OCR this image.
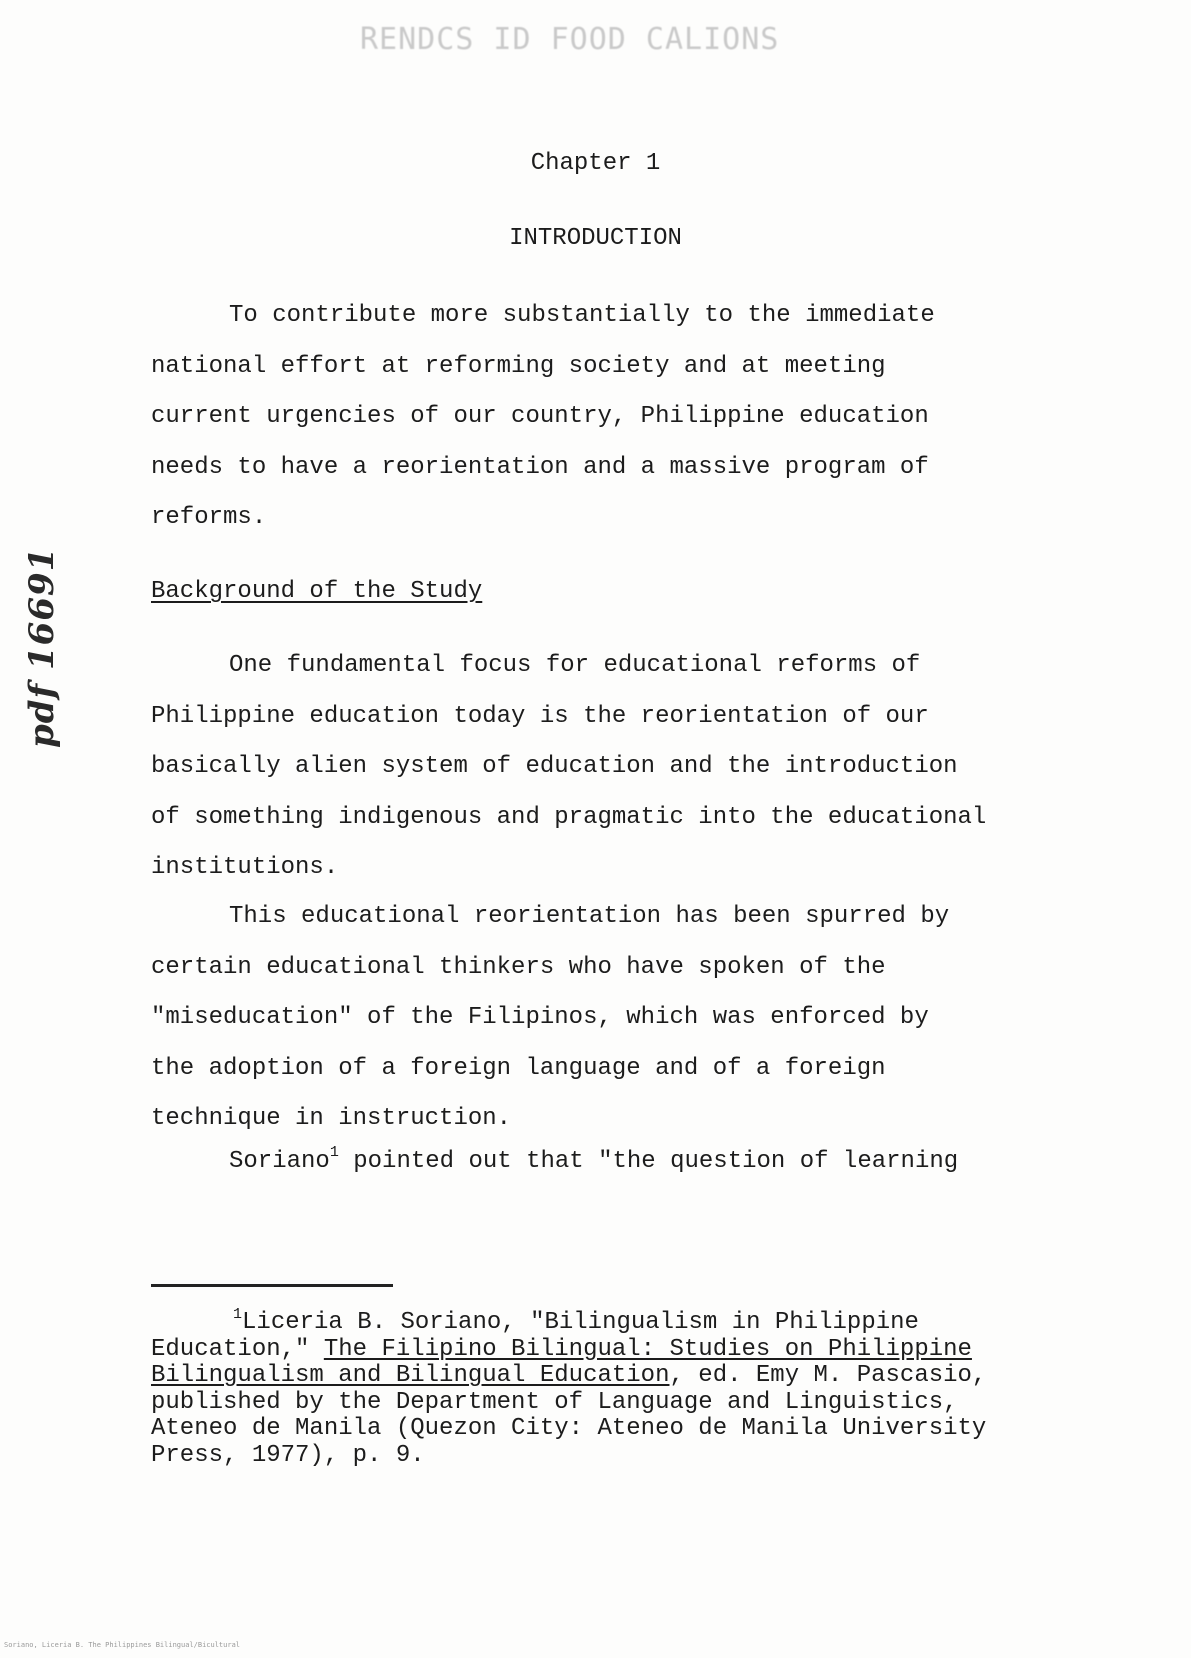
RENDCS ID FOOD CALIONS
Chapter 1
INTRODUCTION

To contribute more substantially to the immediate
national effort at reforming society and at meeting
current urgencies of our country, Philippine education
needs to have a reorientation and a massive program of
reforms.

Background of the Study

One fundamental focus for educational reforms of
Philippine education today is the reorientation of our
basically alien system of education and the introduction
of something indigenous and pragmatic into the educational
institutions.

This educational reorientation has been spurred by
certain educational thinkers who have spoken of the
"miseducation" of the Filipinos, which was enforced by
the adoption of a foreign language and of a foreign
technique in instruction.

Soriano$^1$ pointed out that "the question of learning

$^1$Liceria B. Soriano, "Bilingualism in Philippine
Education," The Filipino Bilingual: Studies on Philippine
Bilingualism and Bilingual Education, ed. Emy M. Pascasio,
published by the Department of Language and Linguistics,
Ateneo de Manila (Quezon City: Ateneo de Manila University
Press, 1977), p. 9.

pdf 16691
Soriano, Liceria B. The Philippines Bilingual/Bicultural
